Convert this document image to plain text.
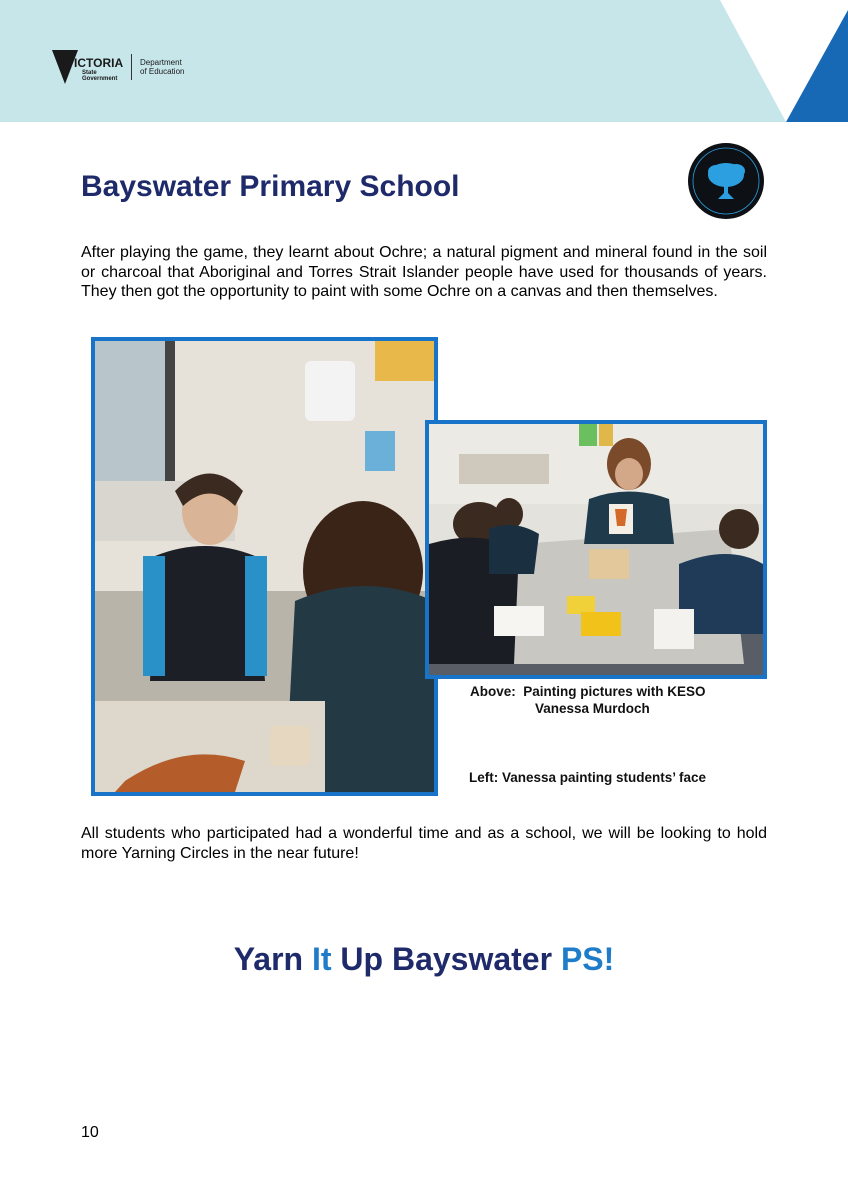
VICTORIA
State
Government
Department
of Education
Bayswater Primary School

After playing the game, they learnt about Ochre; a natural pigment and mineral found in the soil or charcoal that Aboriginal and Torres Strait Islander people have used for thousands of years. They then got the opportunity to paint with some Ochre on a canvas and then themselves.

Above:  Painting pictures with KESO

Vanessa Murdoch

Left: Vanessa painting students’ face

All students who participated had a wonderful time and as a school, we will be looking to hold more Yarning Circles in the near future!

Yarn It Up Bayswater PS!

10
